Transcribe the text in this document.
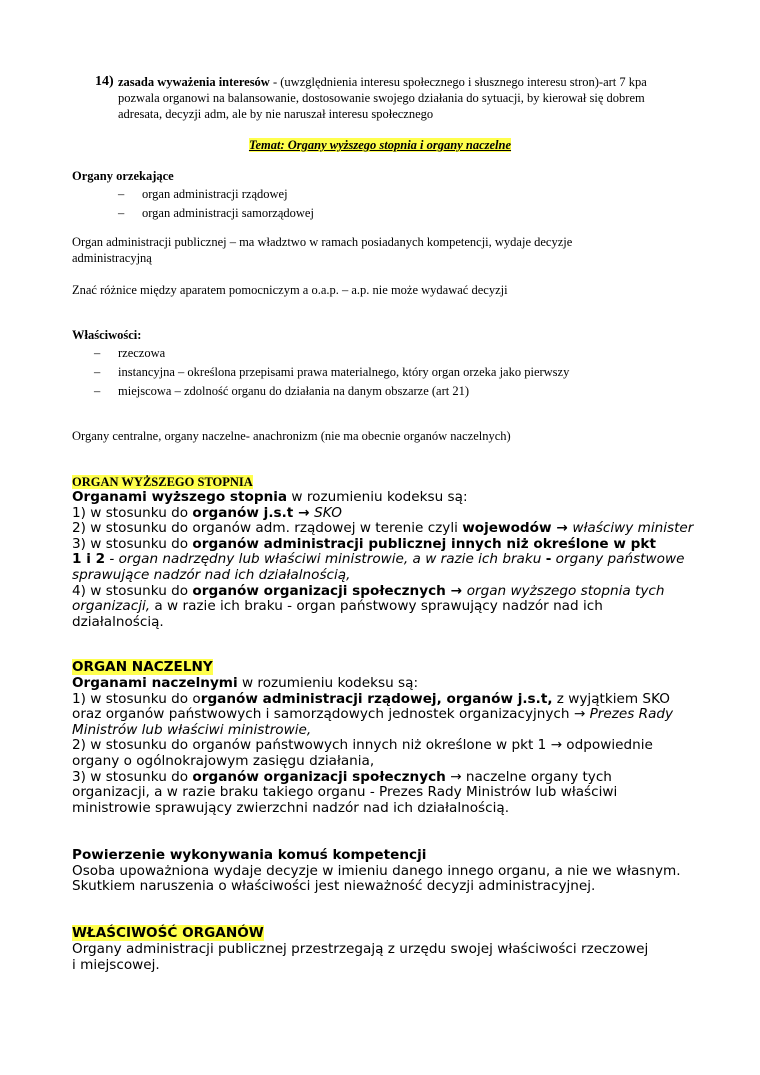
14) zasada wyważenia interesów - (uwzględnienia interesu społecznego i słusznego interesu stron)-art 7 kpa
pozwala organowi na balansowanie, dostosowanie swojego działania do sytuacji, by kierował się dobrem
adresata, decyzji adm, ale by nie naruszał interesu społecznego
Temat: Organy wyższego stopnia i organy naczelne
Organy orzekające
– organ administracji rządowej
– organ administracji samorządowej
Organ administracji publicznej – ma władztwo w ramach posiadanych kompetencji, wydaje decyzje
administracyjną
Znać różnice między aparatem pomocniczym a o.a.p. – a.p. nie może wydawać decyzji
Właściwości:
– rzeczowa
– instancyjna – określona przepisami prawa materialnego, który organ orzeka jako pierwszy
– miejscowa – zdolność organu do działania na danym obszarze (art 21)
Organy centralne, organy naczelne- anachronizm (nie ma obecnie organów naczelnych)
ORGAN WYŻSZEGO STOPNIA
Organami wyższego stopnia w rozumieniu kodeksu są:
1) w stosunku do organów j.s.t → SKO
2) w stosunku do organów adm. rządowej w terenie czyli wojewodów → właściwy minister
3) w stosunku do organów administracji publicznej innych niż określone w pkt
1 i 2 - organ nadrzędny lub właściwi ministrowie, a w razie ich braku - organy państwowe
sprawujące nadzór nad ich działalnością,
4) w stosunku do organów organizacji społecznych → organ wyższego stopnia tych
organizacji, a w razie ich braku - organ państwowy sprawujący nadzór nad ich
działalnością.
ORGAN NACZELNY
Organami naczelnymi w rozumieniu kodeksu są:
1) w stosunku do organów administracji rządowej, organów j.s.t, z wyjątkiem SKO
oraz organów państwowych i samorządowych jednostek organizacyjnych → Prezes Rady
Ministrów lub właściwi ministrowie,
2) w stosunku do organów państwowych innych niż określone w pkt 1 → odpowiednie
organy o ogólnokrajowym zasięgu działania,
3) w stosunku do organów organizacji społecznych → naczelne organy tych
organizacji, a w razie braku takiego organu - Prezes Rady Ministrów lub właściwi
ministrowie sprawujący zwierzchni nadzór nad ich działalnością.
Powierzenie wykonywania komuś kompetencji
Osoba upoważniona wydaje decyzje w imieniu danego innego organu, a nie we własnym.
Skutkiem naruszenia o właściwości jest nieważność decyzji administracyjnej.
WŁAŚCIWOŚĆ ORGANÓW
Organy administracji publicznej przestrzegają z urzędu swojej właściwości rzeczowej
i miejscowej.
